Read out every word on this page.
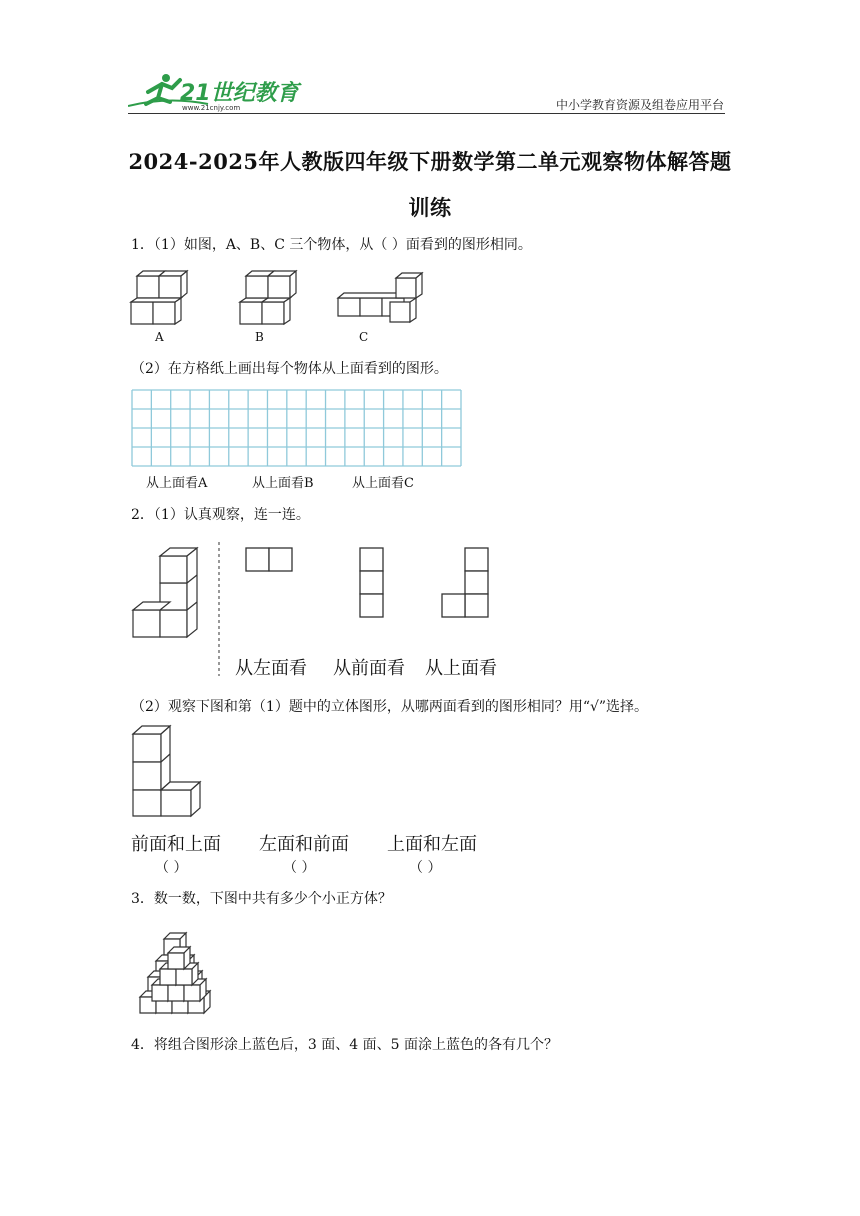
21世纪教育
www.21cnjy.com	中小学教育资源及组卷应用平台
2024-2025年人教版四年级下册数学第二单元观察物体解答题
训练
1．（1）如图，A、B、C 三个物体，从（ ）面看到的图形相同。
A	B	C
（2）在方格纸上画出每个物体从上面看到的图形。
从上面看A	从上面看B	从上面看C
2．（1）认真观察，连一连。
从左面看 从前面看 从上面看
（2）观察下图和第（1）题中的立体图形，从哪两面看到的图形相同？用“√”选择。
前面和上面 左面和前面 上面和左面
（ ）	（ ）	（ ）
3．数一数，下图中共有多少个小正方体？
4．将组合图形涂上蓝色后，3 面、4 面、5 面涂上蓝色的各有几个？
